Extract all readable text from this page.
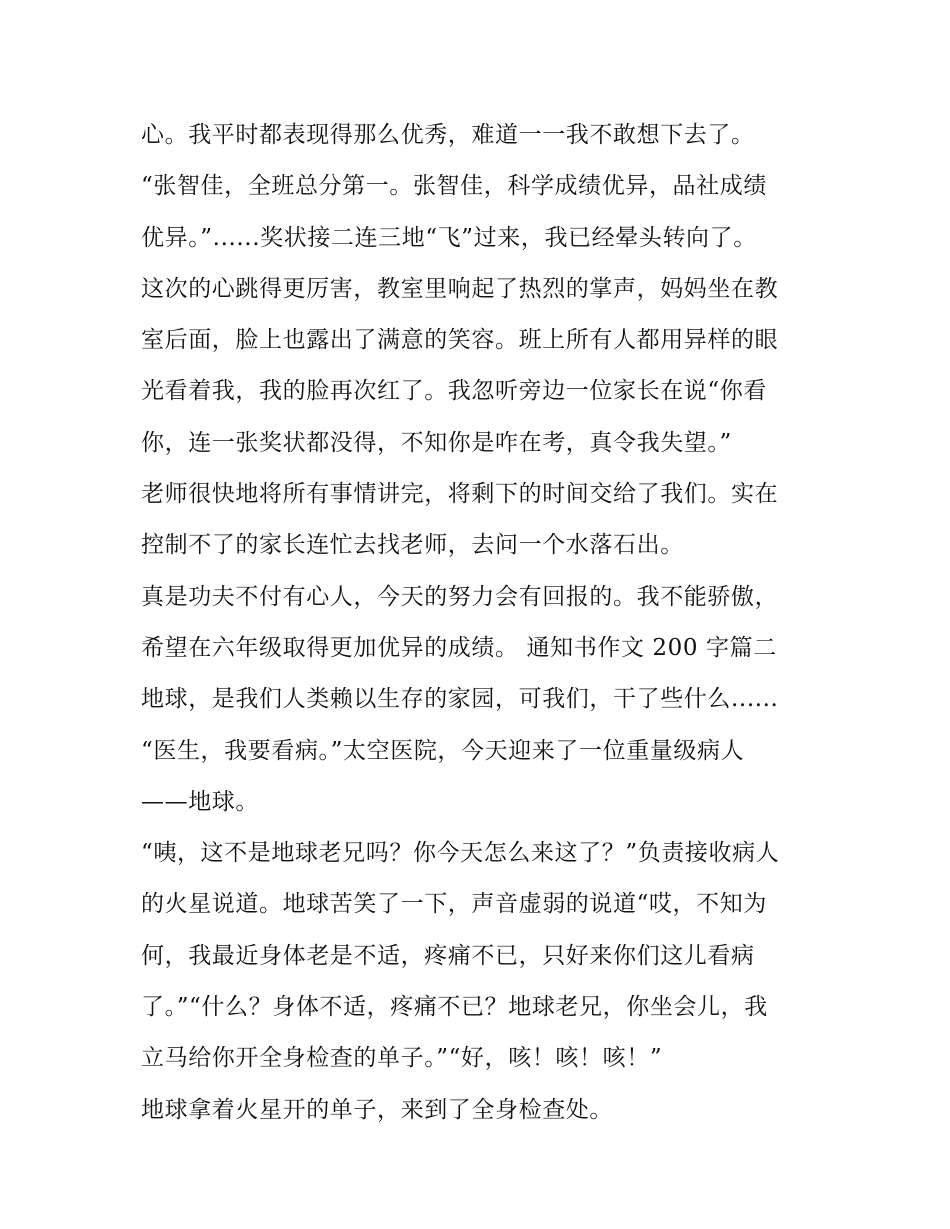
心。我平时都表现得那么优秀，难道一一我不敢想下去了。
“张智佳，全班总分第一。张智佳，科学成绩优异，品社成绩
优异。”......奖状接二连三地“飞”过来，我已经晕头转向了。
这次的心跳得更厉害，教室里响起了热烈的掌声，妈妈坐在教
室后面，脸上也露出了满意的笑容。班上所有人都用异样的眼
光看着我，我的脸再次红了。我忽听旁边一位家长在说“你看
你，连一张奖状都没得，不知你是咋在考，真令我失望。”
老师很快地将所有事情讲完，将剩下的时间交给了我们。实在
控制不了的家长连忙去找老师，去问一个水落石出。
真是功夫不付有心人，今天的努力会有回报的。我不能骄傲，
希望在六年级取得更加优异的成绩。 通知书作文 200 字篇二
地球，是我们人类赖以生存的家园，可我们，干了些什么......
“医生，我要看病。”太空医院，今天迎来了一位重量级病人
——地球。
“咦，这不是地球老兄吗？你今天怎么来这了？”负责接收病人
的火星说道。地球苦笑了一下，声音虚弱的说道“哎，不知为
何，我最近身体老是不适，疼痛不已，只好来你们这儿看病
了。”“什么？身体不适，疼痛不已？地球老兄，你坐会儿，我
立马给你开全身检查的单子。”“好，咳！咳！咳！”
地球拿着火星开的单子，来到了全身检查处。
